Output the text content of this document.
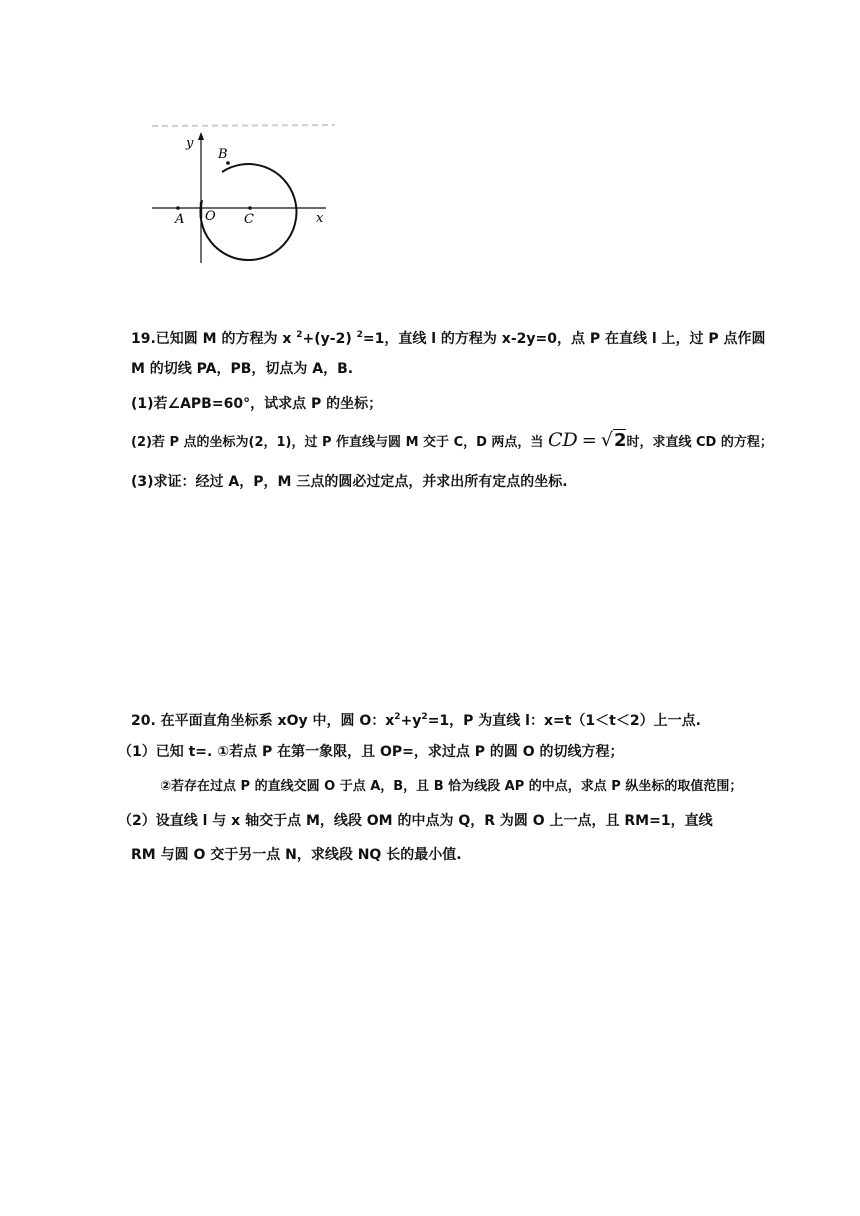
y
x
A O C
B
19.已知圆 M 的方程为 x $^2$+(y-2) $^2$=1，直线 l 的方程为 x-2y=0，点 P 在直线 l 上，过 P 点作圆
M 的切线 PA，PB，切点为 A，B.
(1)若∠APB=60°，试求点 P 的坐标；
(2)若 P 点的坐标为(2，1)，过 P 作直线与圆 M 交于 C，D 两点，当 CD = √2时，求直线 CD 的方程；
(3)求证：经过 A，P，M 三点的圆必过定点，并求出所有定点的坐标.
20. 在平面直角坐标系 xOy 中，圆 O：$x^2+y^2=1$，P 为直线 l：x=t（1＜t＜2）上一点.
（1）已知 t=. ①若点 P 在第一象限，且 OP=，求过点 P 的圆 O 的切线方程；
②若存在过点 P 的直线交圆 O 于点 A，B，且 B 恰为线段 AP 的中点，求点 P 纵坐标的取值范围；
（2）设直线 l 与 x 轴交于点 M，线段 OM 的中点为 Q，R 为圆 O 上一点，且 RM=1，直线
RM 与圆 O 交于另一点 N，求线段 NQ 长的最小值.
